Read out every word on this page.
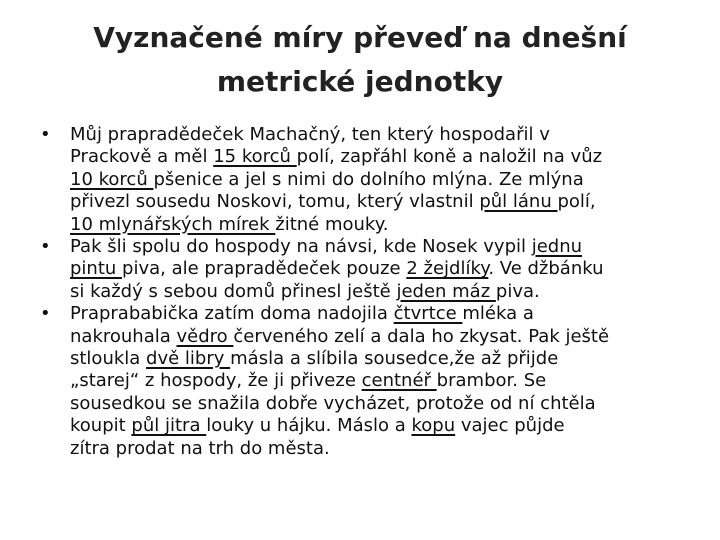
Vyznačené míry převeď na dnešní
metrické jednotky
• Můj prapradědeček Machačný, ten který hospodařil v
Prackově a měl 15 korců polí, zapřáhl koně a naložil na vůz
10 korců pšenice a jel s nimi do dolního mlýna. Ze mlýna
přivezl sousedu Noskovi, tomu, který vlastnil půl lánu polí,
10 mlynářských mírek žitné mouky.
• Pak šli spolu do hospody na návsi, kde Nosek vypil jednu
pintu piva, ale prapradědeček pouze 2 žejdlíky. Ve džbánku
si každý s sebou domů přinesl ještě jeden máz piva.
• Praprababička zatím doma nadojila čtvrtce mléka a
nakrouhala vědro červeného zelí a dala ho zkysat. Pak ještě
stloukla dvě libry másla a slíbila sousedce,že až přijde
„starej“ z hospody, že ji přiveze centnéř brambor. Se
sousedkou se snažila dobře vycházet, protože od ní chtěla
koupit půl jitra louky u hájku. Máslo a kopu vajec půjde
zítra prodat na trh do města.
